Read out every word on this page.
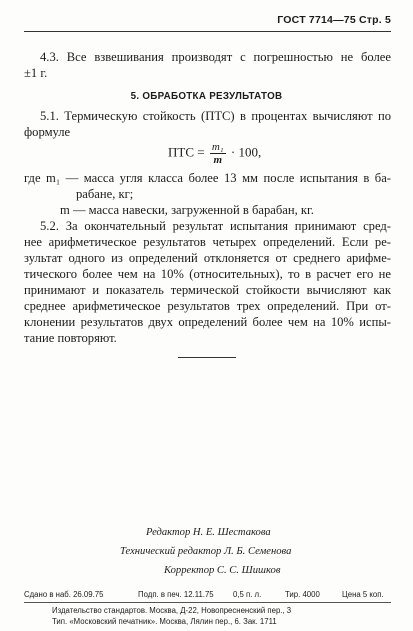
ГОСТ 7714—75 Стр. 5
4.3. Все взвешивания производят с погрешностью не более
±1 г.
5. ОБРАБОТКА РЕЗУЛЬТАТОВ
5.1. Термическую стойкость (ПТС) в процентах вычисляют по
формуле
ПТС = $\frac{\text{m₁}}{m} \cdot 100$,
где m₁ — масса угля класса более 13 мм после испытания в ба-
рабане, кг;
m — масса навески, загруженной в барабан, кг.
5.2. За окончательный результат испытания принимают сред-
нее арифметическое результатов четырех определений. Если ре-
зультат одного из определений отклоняется от среднего арифме-
тического более чем на 10% (относительных), то в расчет его не
принимают и показатель термической стойкости вычисляют как
среднее арифметическое результатов трех определений. При от-
клонении результатов двух определений более чем на 10% испы-
тание повторяют.
Редактор Н. Е. Шестакова
Технический редактор Л. Б. Семенова
Корректор С. С. Шишков
Сдано в наб. 26.09.75	Подп. в печ. 12.11.75 0,5 п. л.	Тир. 4000	Цена 5 коп.
Издательство стандартов. Москва, Д-22, Новопресненский пер., 3
Тип. «Московский печатник». Москва, Лялин пер., 6. Зак. 1711
